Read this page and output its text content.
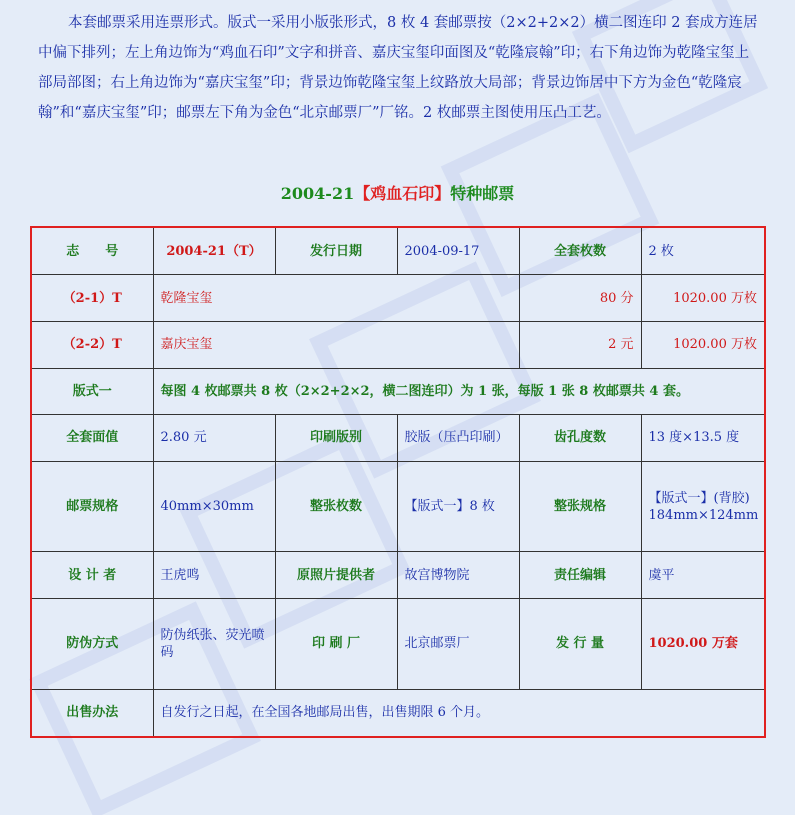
本套邮票采用连票形式。版式一采用小版张形式，8 枚 4 套邮票按（2×2+2×2）横二图连印 2 套成方连居中偏下排列；左上角边饰为“鸡血石印”文字和拼音、嘉庆宝玺印面图及“乾隆宸翰”印；右下角边饰为乾隆宝玺上部局部图；右上角边饰为“嘉庆宝玺”印；背景边饰乾隆宝玺上纹路放大局部；背景边饰居中下方为金色“乾隆宸翰”和“嘉庆宝玺”印；邮票左下角为金色“北京邮票厂”厂铭。2 枚邮票主图使用压凸工艺。

2004-21【鸡血石印】特种邮票
志　　号	2004-21（T）	发行日期	2004-09-17	全套枚数	2 枚
（2-1）T	乾隆宝玺			80 分	1020.00 万枚
（2-2）T	嘉庆宝玺			2 元	1020.00 万枚
版式一	每图 4 枚邮票共 8 枚（2×2+2×2，横二图连印）为 1 张，每版 1 张 8 枚邮票共 4 套。				
全套面值	2.80 元	印刷版别	胶版（压凸印刷）	齿孔度数	13 度×13.5 度
邮票规格	40mm×30mm	整张枚数	【版式一】8 枚	整张规格	【版式一】(背胶)
184mm×124mm
设 计 者	王虎鸣	原照片提供者	故宫博物院	责任编辑	虞平
防伪方式	防伪纸张、荧光喷码	印 刷 厂	北京邮票厂	发 行 量	1020.00 万套
出售办法	自发行之日起，在全国各地邮局出售，出售期限 6 个月。				
